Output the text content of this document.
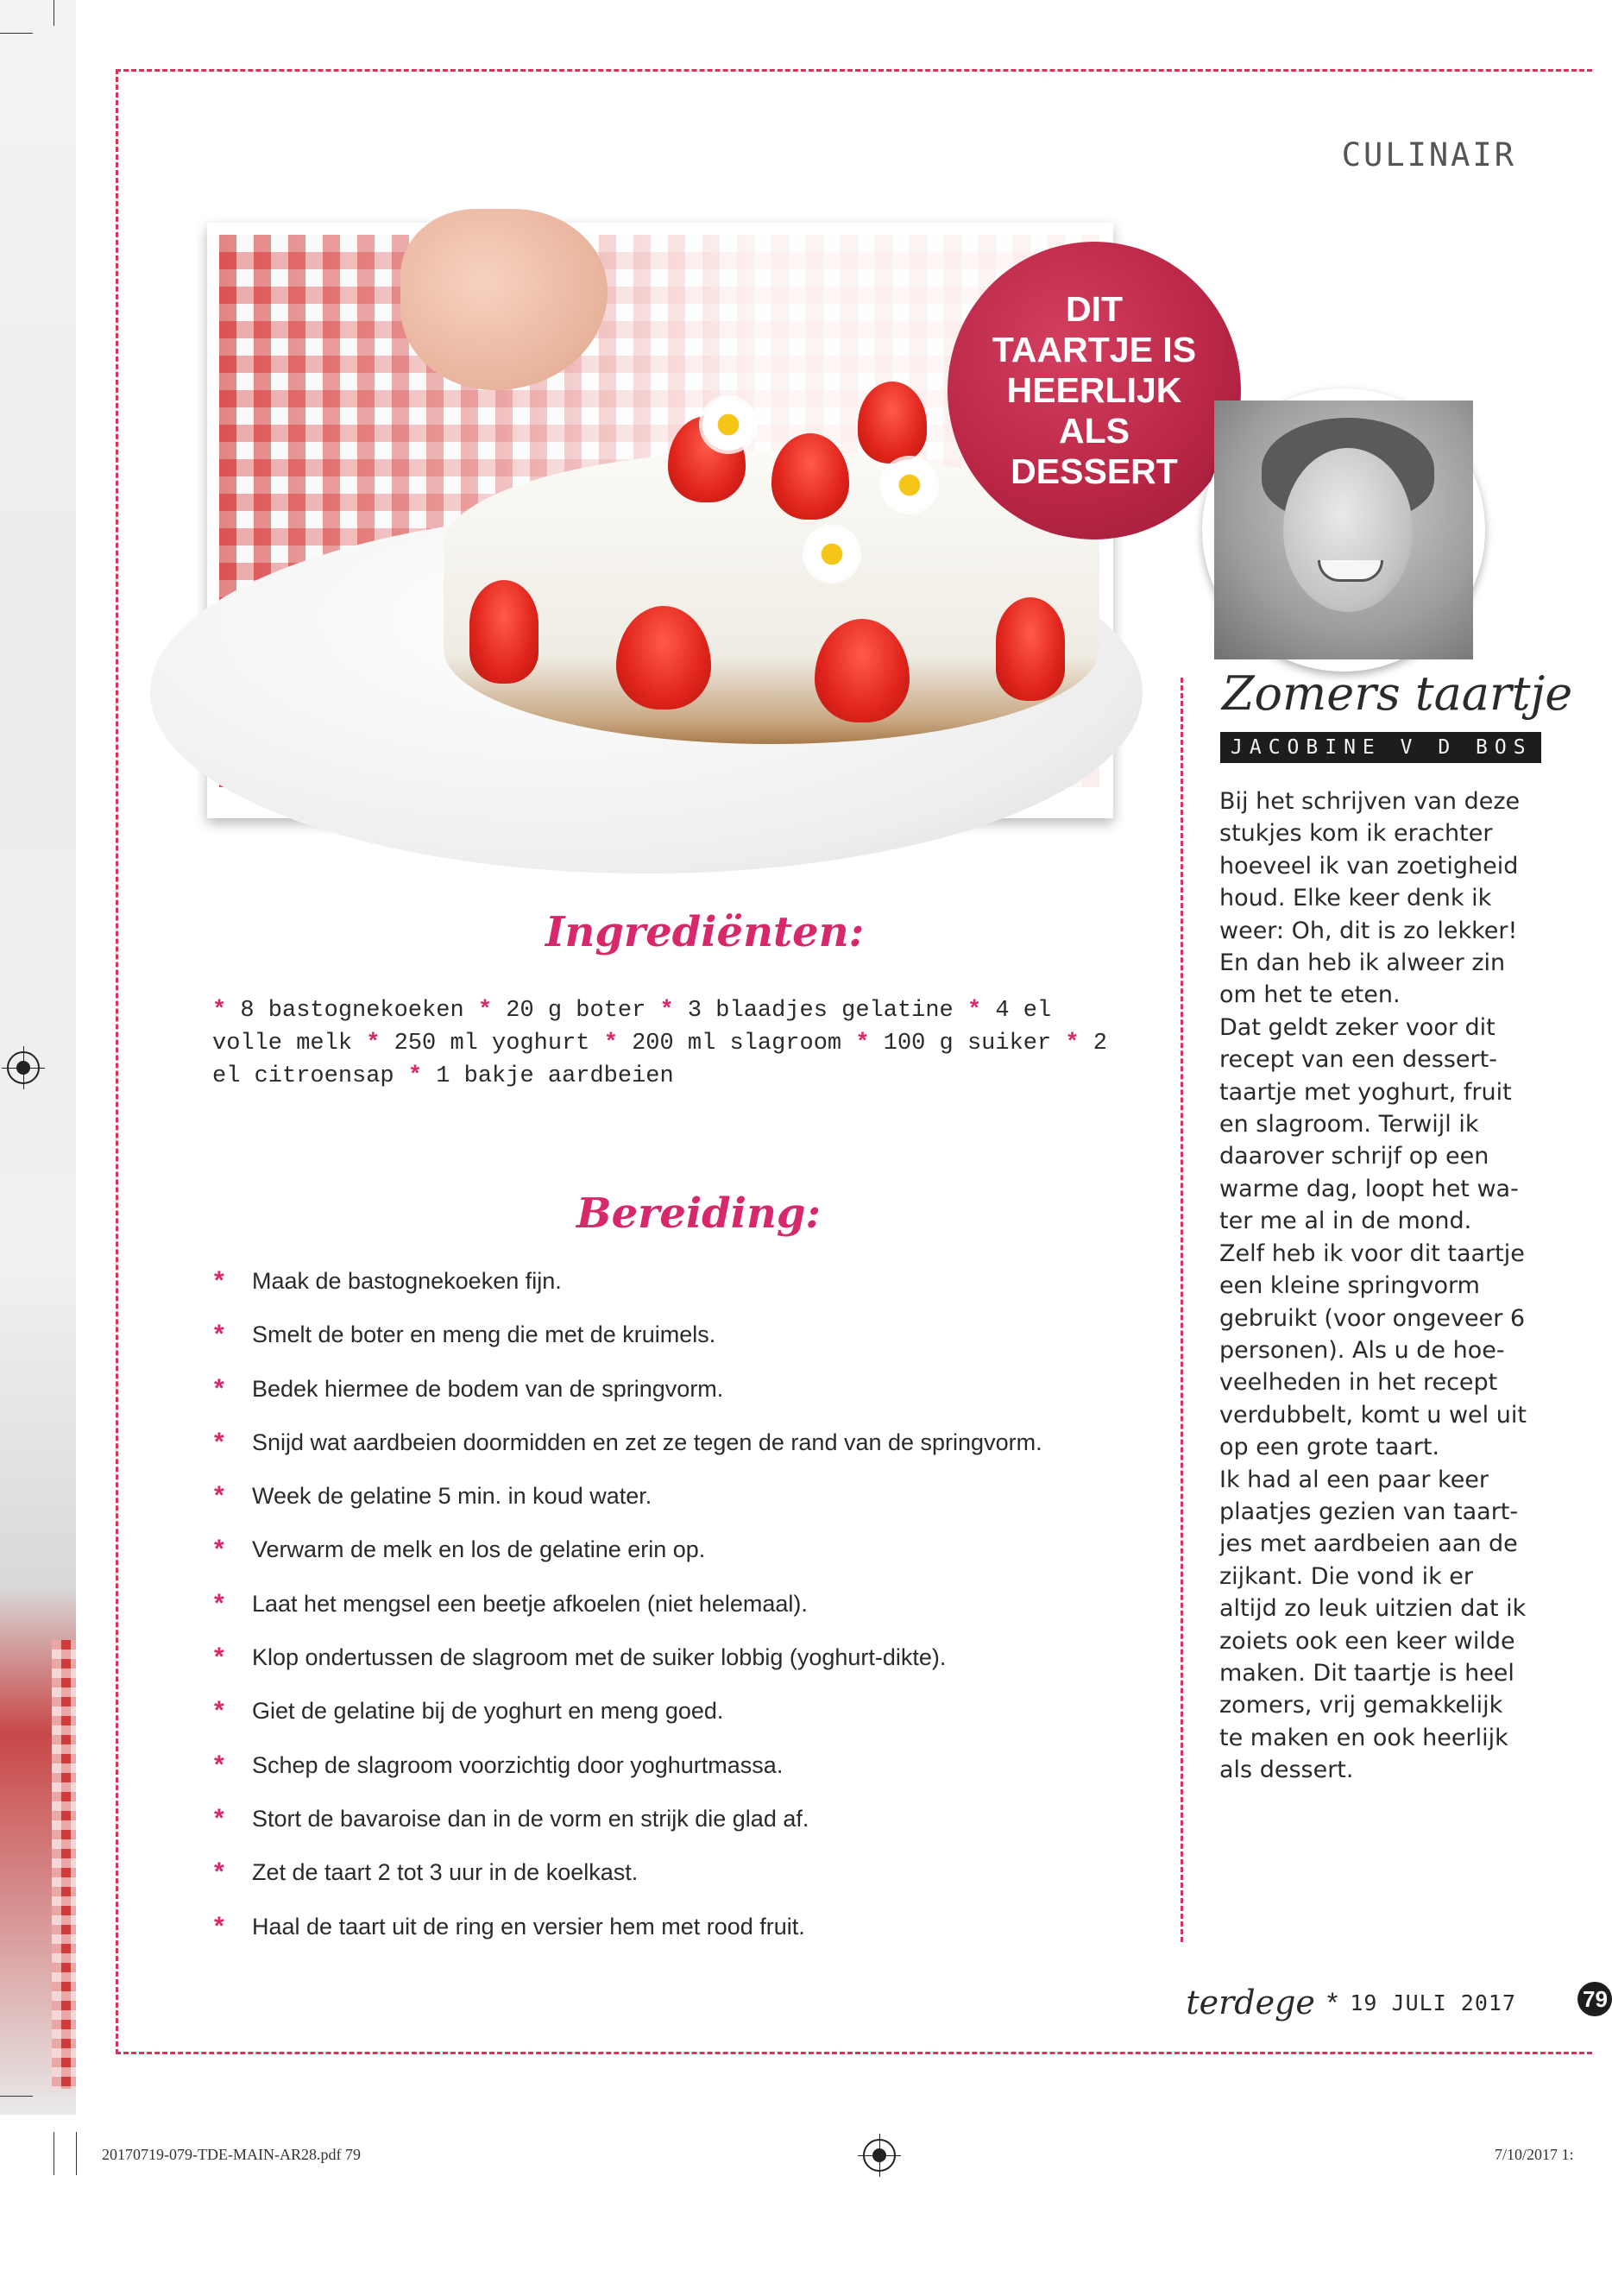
CULINAIR
DIT
TAARTJE IS
HEERLIJK
ALS
DESSERT
Zomers taartje
JACOBINE V D BOS

Bij het schrijven van deze stukjes kom ik erachter hoeveel ik van zoetigheid houd. Elke keer denk ik weer: Oh, dit is zo lekker! En dan heb ik alweer zin om het te eten.

Dat geldt zeker voor dit recept van een dessert-taartje met yoghurt, fruit en slagroom. Terwijl ik daarover schrijf op een warme dag, loopt het wa-ter me al in de mond.

Zelf heb ik voor dit taartje een kleine springvorm gebruikt (voor ongeveer 6 personen). Als u de hoe-veelheden in het recept verdubbelt, komt u wel uit op een grote taart.

Ik had al een paar keer plaatjes gezien van taart-jes met aardbeien aan de zijkant. Die vond ik er altijd zo leuk uitzien dat ik zoiets ook een keer wilde maken. Dit taartje is heel zomers, vrij gemakkelijk te maken en ook heerlijk als dessert.

Ingrediënten:
* 8 bastognekoeken * 20 g boter * 3 blaadjes gelatine * 4 el volle melk * 250 ml yoghurt * 200 ml slagroom * 100 g suiker * 2 el citroensap * 1 bakje aardbeien
Bereiding:
* Maak de bastognekoeken fijn.
* Smelt de boter en meng die met de kruimels.
* Bedek hiermee de bodem van de springvorm.
* Snijd wat aardbeien doormidden en zet ze tegen de rand van de springvorm.
* Week de gelatine 5 min. in koud water.
* Verwarm de melk en los de gelatine erin op.
* Laat het mengsel een beetje afkoelen (niet helemaal).
* Klop ondertussen de slagroom met de suiker lobbig (yoghurt-dikte).
* Giet de gelatine bij de yoghurt en meng goed.
* Schep de slagroom voorzichtig door yoghurtmassa.
* Stort de bavaroise dan in de vorm en strijk die glad af.
* Zet de taart 2 tot 3 uur in de koelkast.
* Haal de taart uit de ring en versier hem met rood fruit.
terdege * 19 JULI 2017	79
20170719-079-TDE-MAIN-AR28.pdf 79	7/10/2017 1:
